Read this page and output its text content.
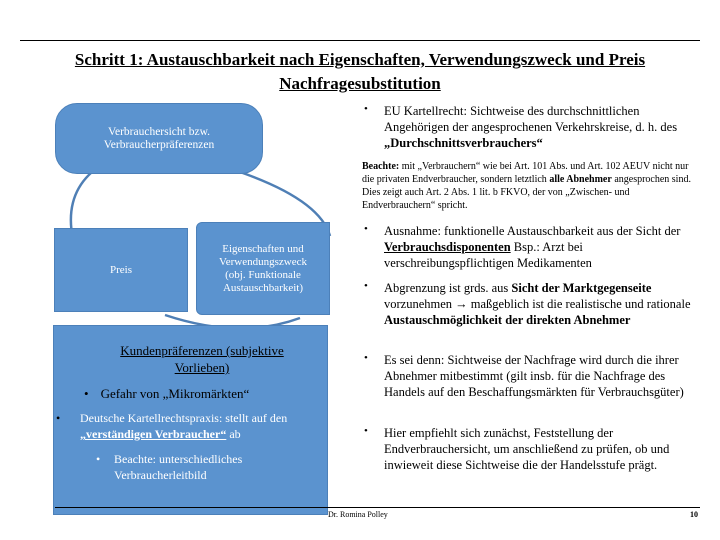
Schritt 1: Austauschbarkeit nach Eigenschaften, Verwendungszweck und Preis
Nachfragesubstitution
Verbrauchersicht bzw.
Verbraucherpräferenzen
Preis
Eigenschaften und
Verwendungszweck
(obj. Funktionale
Austauschbarkeit)
Kundenpräferenzen (subjektive
Vorlieben)
• Gefahr von „Mikromärkten“
• Deutsche Kartellrechtspraxis: stellt auf den „verständigen Verbraucher“ ab
• Beachte: unterschiedliches Verbraucherleitbild
• EU Kartellrecht: Sichtweise des durchschnittlichen Angehörigen der angesprochenen Verkehrskreise, d. h. des „Durchschnittsverbrauchers“
Beachte: mit „Verbrauchern“ wie bei Art. 101 Abs. und Art. 102 AEUV nicht nur die privaten Endverbraucher, sondern letztlich alle Abnehmer angesprochen sind. Dies zeigt auch Art. 2 Abs. 1 lit. b FKVO, der von „Zwischen- und Endverbrauchern“ spricht.
• Ausnahme: funktionelle Austauschbarkeit aus der Sicht der Verbrauchsdisponenten Bsp.: Arzt bei verschreibungspflichtigen Medikamenten
• Abgrenzung ist grds. aus Sicht der Marktgegenseite vorzunehmen → maßgeblich ist die realistische und rationale Austauschmöglichkeit der direkten Abnehmer
• Es sei denn: Sichtweise der Nachfrage wird durch die ihrer Abnehmer mitbestimmt (gilt insb. für die Nachfrage des Handels auf den Beschaffungsmärkten für Verbrauchsgüter)
• Hier empfiehlt sich zunächst, Feststellung der Endverbrauchersicht, um anschließend zu prüfen, ob und inwieweit diese Sichtweise die der Handelsstufe prägt.
Dr. Romina Polley	10
